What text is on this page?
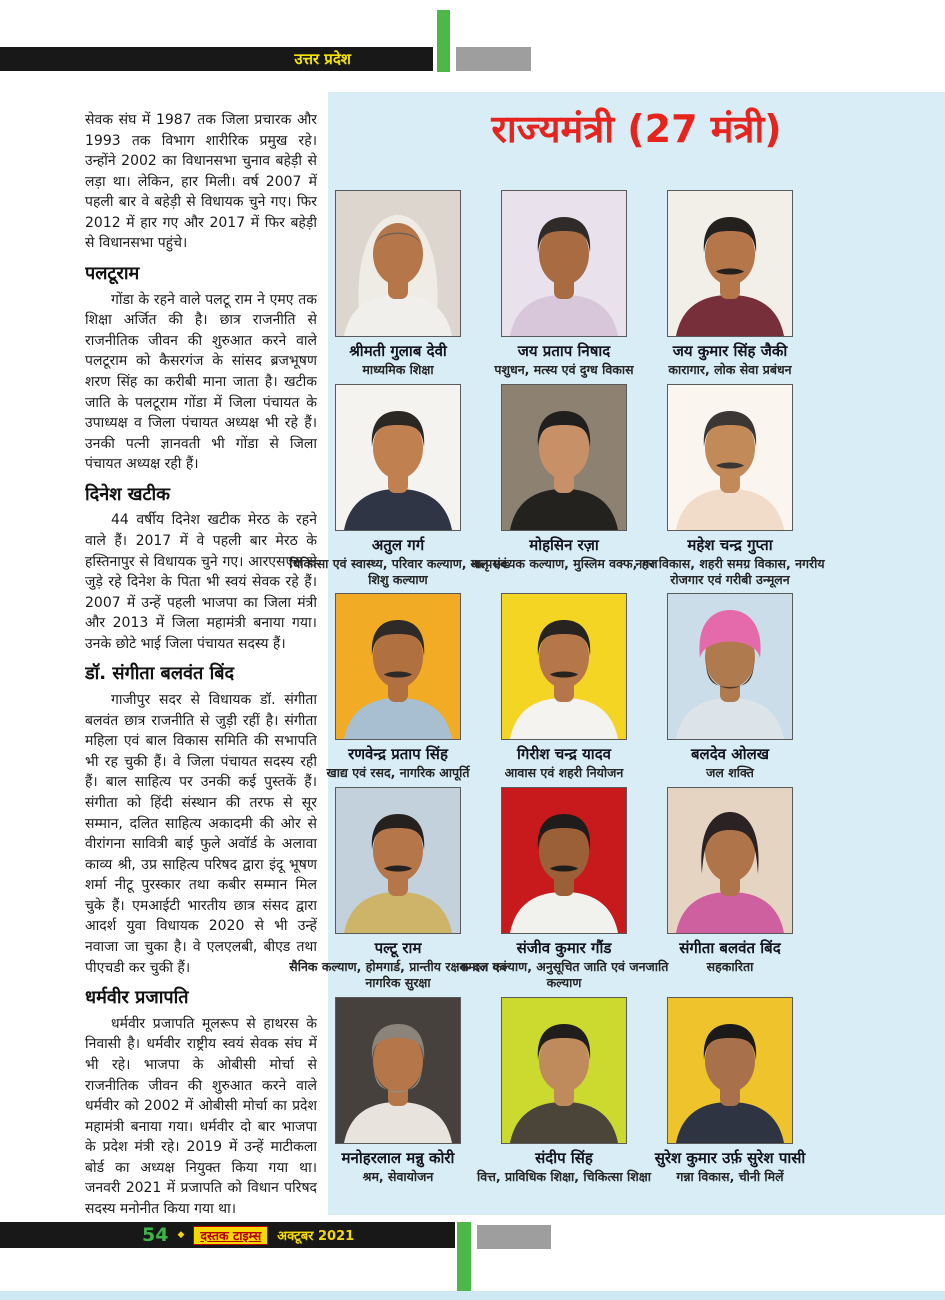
उत्तर प्रदेश

सेवक संघ में 1987 तक जिला प्रचारक और 1993 तक विभाग शारीरिक प्रमुख रहे। उन्होंने 2002 का विधानसभा चुनाव बहेड़ी से लड़ा था। लेकिन, हार मिली। वर्ष 2007 में पहली बार वे बहेड़ी से विधायक चुने गए। फिर 2012 में हार गए और 2017 में फिर बहेड़ी से विधानसभा पहुंचे।

पलटूराम

गोंडा के रहने वाले पलटू राम ने एमए तक शिक्षा अर्जित की है। छात्र राजनीति से राजनीतिक जीवन की शुरुआत करने वाले पलटूराम को कैसरगंज के सांसद ब्रजभूषण शरण सिंह का करीबी माना जाता है। खटीक जाति के पलटूराम गोंडा में जिला पंचायत के उपाध्यक्ष व जिला पंचायत अध्यक्ष भी रहे हैं। उनकी पत्नी ज्ञानवती भी गोंडा से जिला पंचायत अध्यक्ष रही हैं।

दिनेश खटीक

44 वर्षीय दिनेश खटीक मेरठ के रहने वाले हैं। 2017 में वे पहली बार मेरठ के हस्तिनापुर से विधायक चुने गए। आरएसएस से जुड़े रहे दिनेश के पिता भी स्वयं सेवक रहे हैं। 2007 में उन्हें पहली भाजपा का जिला मंत्री और 2013 में जिला महामंत्री बनाया गया। उनके छोटे भाई जिला पंचायत सदस्य हैं।

डॉ. संगीता बलवंत बिंद

गाजीपुर सदर से विधायक डॉ. संगीता बलवंत छात्र राजनीति से जुड़ी रहीं है। संगीता महिला एवं बाल विकास समिति की सभापति भी रह चुकी हैं। वे जिला पंचायत सदस्य रही हैं। बाल साहित्य पर उनकी कई पुस्तकें हैं। संगीता को हिंदी संस्थान की तरफ से सूर सम्मान, दलित साहित्य अकादमी की ओर से वीरांगना सावित्री बाई फुले अवॉर्ड के अलावा काव्य श्री, उप्र साहित्य परिषद द्वारा इंदू भूषण शर्मा नीटू पुरस्कार तथा कबीर सम्मान मिल चुके हैं। एमआईटी भारतीय छात्र संसद द्वारा आदर्श युवा विधायक 2020 से भी उन्हें नवाजा जा चुका है। वे एलएलबी, बीएड तथा पीएचडी कर चुकी हैं।

धर्मवीर प्रजापति

धर्मवीर प्रजापति मूलरूप से हाथरस के निवासी है। धर्मवीर राष्ट्रीय स्वयं सेवक संघ में भी रहे। भाजपा के ओबीसी मोर्चा से राजनीतिक जीवन की शुरुआत करने वाले धर्मवीर को 2002 में ओबीसी मोर्चा का प्रदेश महामंत्री बनाया गया। धर्मवीर दो बार भाजपा के प्रदेश मंत्री रहे। 2019 में उन्हें माटीकला बोर्ड का अध्यक्ष नियुक्त किया गया था। जनवरी 2021 में प्रजापति को विधान परिषद सदस्य मनोनीत किया गया था।

राज्यमंत्री (27 मंत्री)
श्रीमती गुलाब देवी
माध्यमिक शिक्षा
जय प्रताप निषाद
पशुधन, मत्स्य एवं दुग्ध विकास
जय कुमार सिंह जैकी
कारागार, लोक सेवा प्रबंधन
अतुल गर्ग
चिकित्सा एवं स्वास्थ्य, परिवार कल्याण, मातृ एवं शिशु कल्याण
मोहसिन रज़ा
अल्पसंख्यक कल्याण, मुस्लिम वक्फ, हज
महेश चन्द्र गुप्ता
नगर विकास, शहरी समग्र विकास, नगरीय रोजगार एवं गरीबी उन्मूलन
रणवेन्द्र प्रताप सिंह
खाद्य एवं रसद, नागरिक आपूर्ति
गिरीश चन्द्र यादव
आवास एवं शहरी नियोजन
बलदेव ओलख
जल शक्ति
पल्टू राम
सैनिक कल्याण, होमगार्ड, प्रान्तीय रक्षक दल एवं नागरिक सुरक्षा
संजीव कुमार गौंड
समाज कल्याण, अनुसूचित जाति एवं जनजाति कल्याण
संगीता बलवंत बिंद
सहकारिता
मनोहरलाल मन्नु कोरी
श्रम, सेवायोजन
संदीप सिंह
वित्त, प्राविधिक शिक्षा, चिकित्सा शिक्षा
सुरेश कुमार उर्फ़ सुरेश पासी
गन्ना विकास, चीनी मिलें
54 ◆	दस्तक टाइम्स	अक्टूबर 2021
